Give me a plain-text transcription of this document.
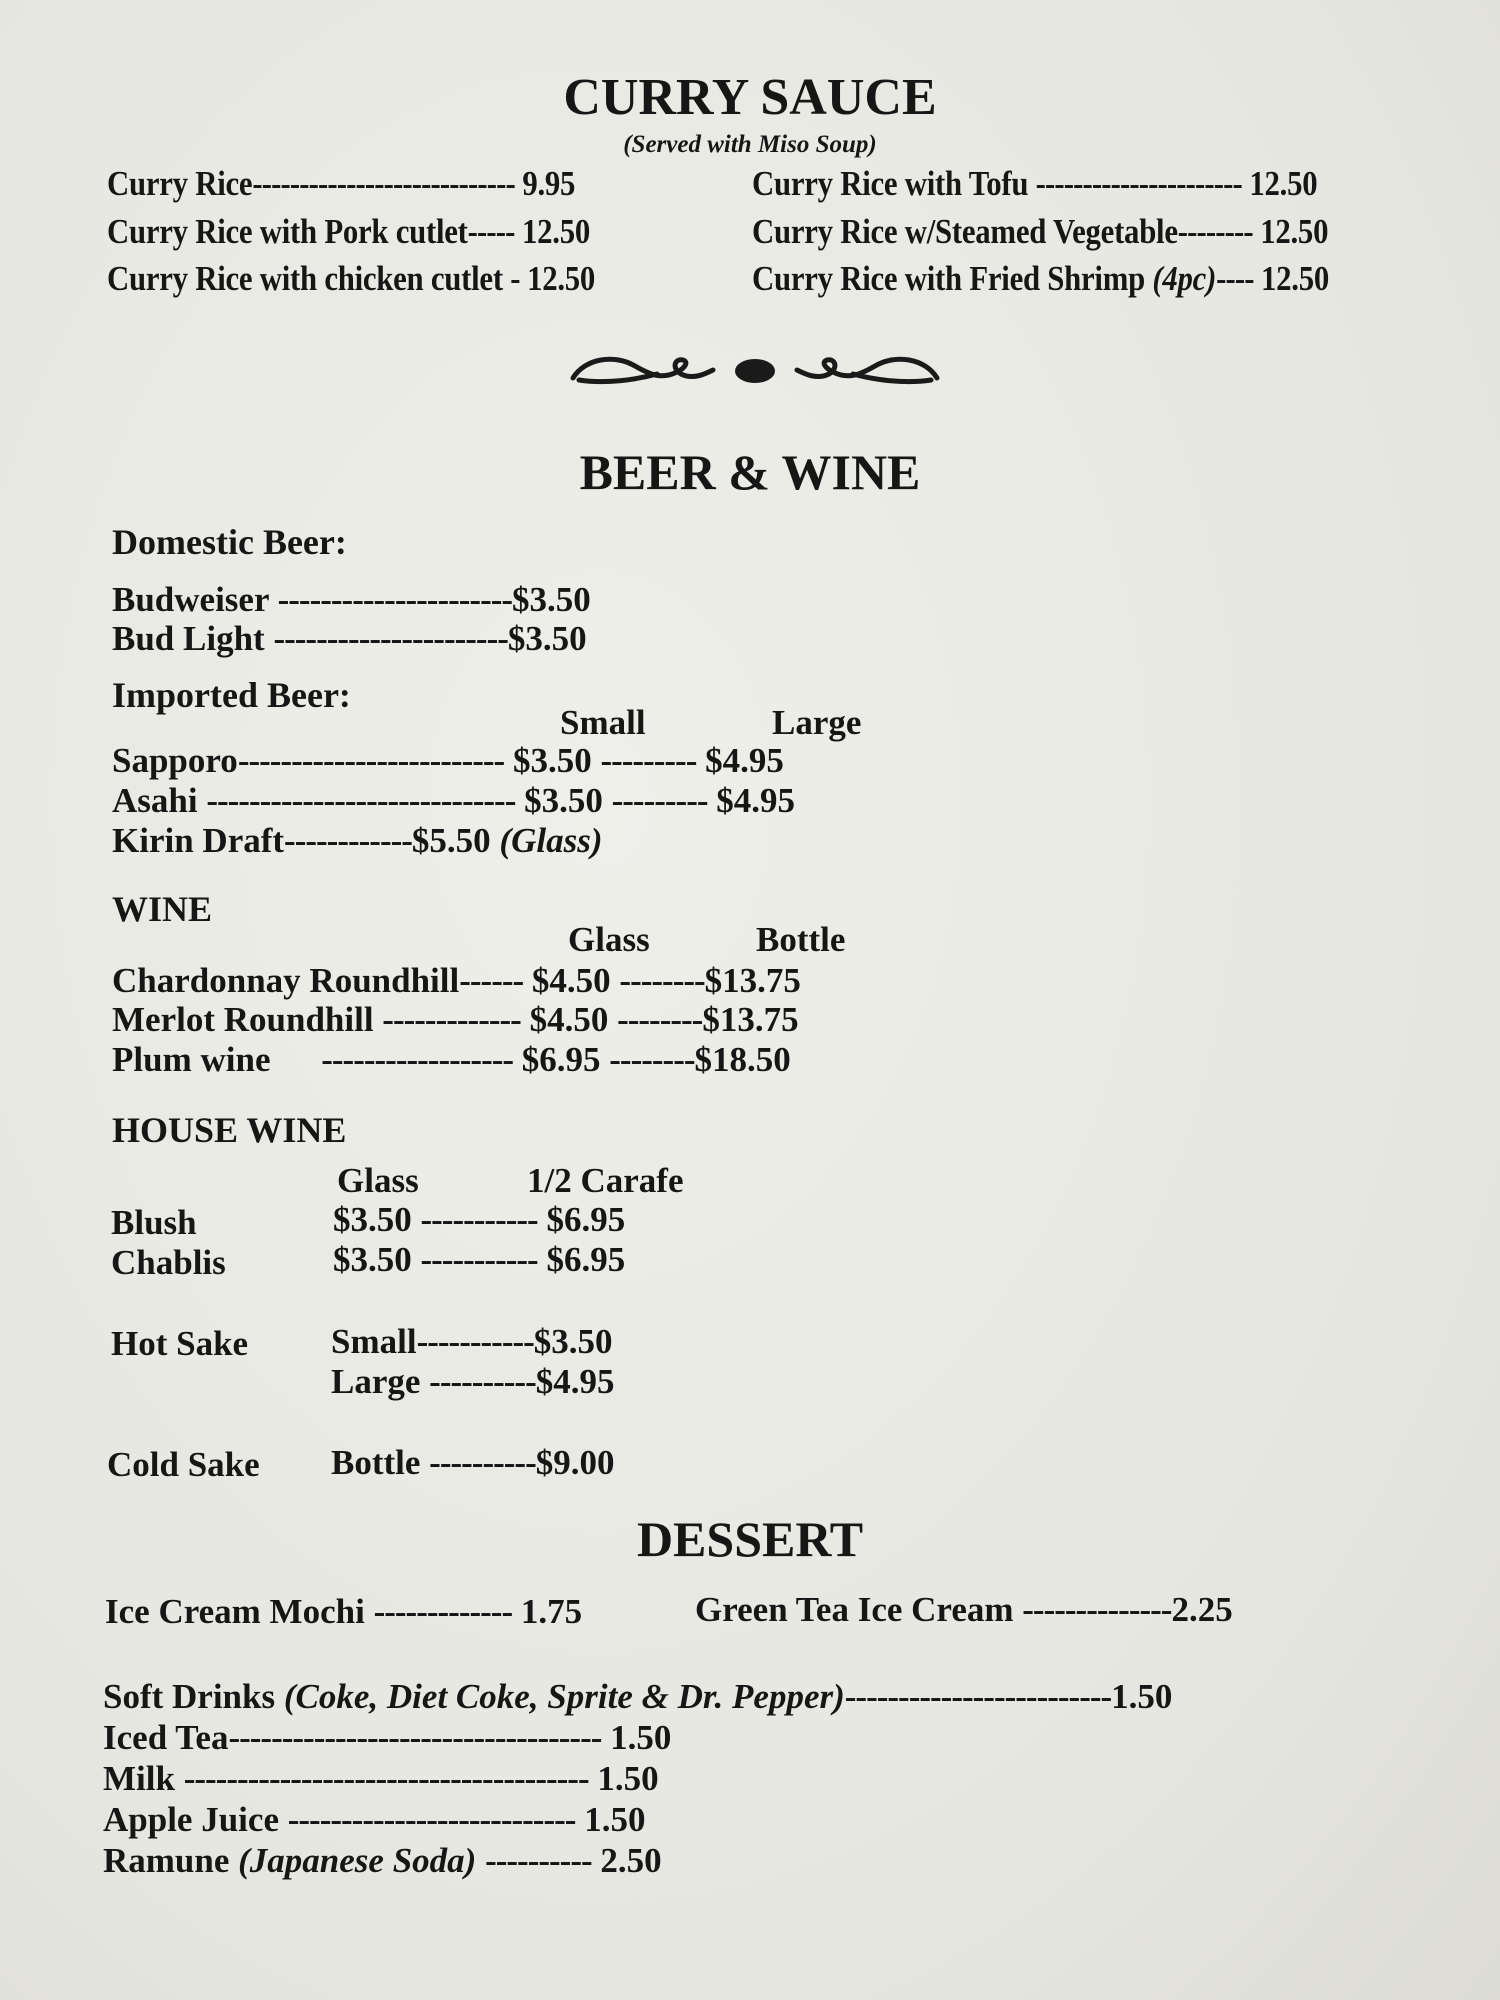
CURRY SAUCE
(Served with Miso Soup)
Curry Rice---------------------------- 9.95
Curry Rice with Pork cutlet----- 12.50
Curry Rice with chicken cutlet - 12.50
Curry Rice with Tofu ---------------------- 12.50
Curry Rice w/Steamed Vegetable-------- 12.50
Curry Rice with Fried Shrimp (4pc)---- 12.50
BEER & WINE
Domestic Beer:
Budweiser ----------------------$3.50
Bud Light ----------------------$3.50
Imported Beer:
Small	Large
Sapporo------------------------- $3.50 --------- $4.95
Asahi ----------------------------- $3.50 --------- $4.95
Kirin Draft------------$5.50 (Glass)
WINE
Glass	Bottle
Chardonnay Roundhill------ $4.50 --------$13.75
Merlot Roundhill ------------- $4.50 --------$13.75
Plum wine ------------------ $6.95 --------$18.50
HOUSE WINE
Glass	1/2 Carafe
Blush	$3.50 ----------- $6.95
Chablis	$3.50 ----------- $6.95
Hot Sake Small-----------$3.50
Large ----------$4.95
Cold Sake Bottle ----------$9.00
DESSERT
Ice Cream Mochi ------------- 1.75	Green Tea Ice Cream --------------2.25
Soft Drinks (Coke, Diet Coke, Sprite & Dr. Pepper)-------------------------1.50
Iced Tea----------------------------------- 1.50
Milk -------------------------------------- 1.50
Apple Juice --------------------------- 1.50
Ramune (Japanese Soda) ---------- 2.50
